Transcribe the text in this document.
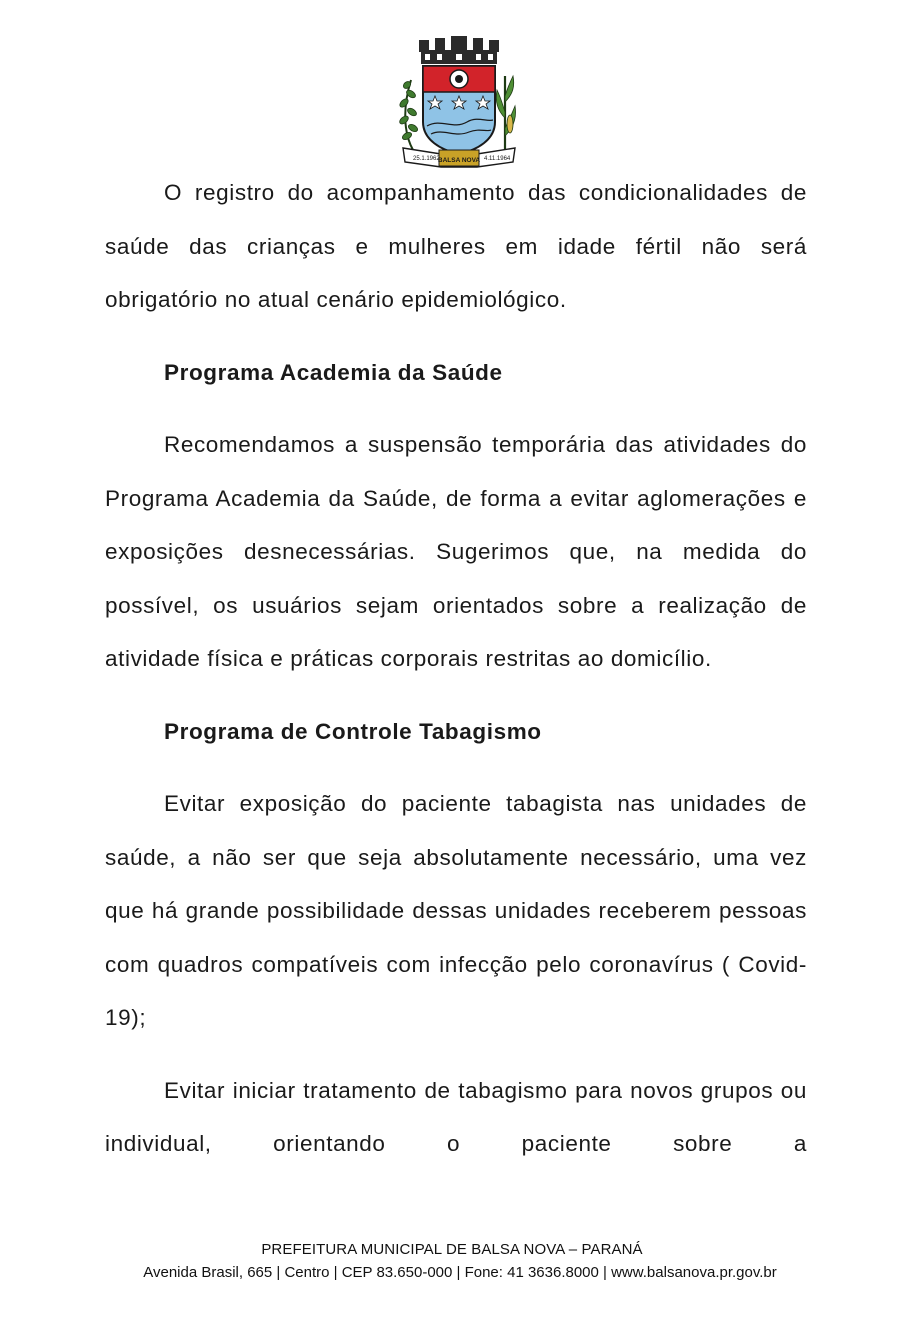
25.1.1962	4.11.1964
BALSA NOVA

O registro do acompanhamento das condicionalidades de saúde das crianças e mulheres em idade fértil não será obrigatório no atual cenário epidemiológico.

Programa Academia da Saúde

Recomendamos a suspensão temporária das atividades do Programa Academia da Saúde, de forma a evitar aglomerações e exposições desnecessárias. Sugerimos que, na medida do possível, os usuários sejam orientados sobre a realização de atividade física e práticas corporais restritas ao domicílio.

Programa de Controle Tabagismo

Evitar exposição do paciente tabagista nas unidades de saúde, a não ser que seja absolutamente necessário, uma vez que há grande possibilidade dessas unidades receberem pessoas com quadros compatíveis com infecção pelo coronavírus ( Covid-19);

Evitar iniciar tratamento de tabagismo para novos grupos ou individual, orientando o paciente sobre a

PREFEITURA MUNICIPAL DE BALSA NOVA – PARANÁ

Avenida Brasil, 665 | Centro | CEP 83.650-000 | Fone: 41 3636.8000 | www.balsanova.pr.gov.br
